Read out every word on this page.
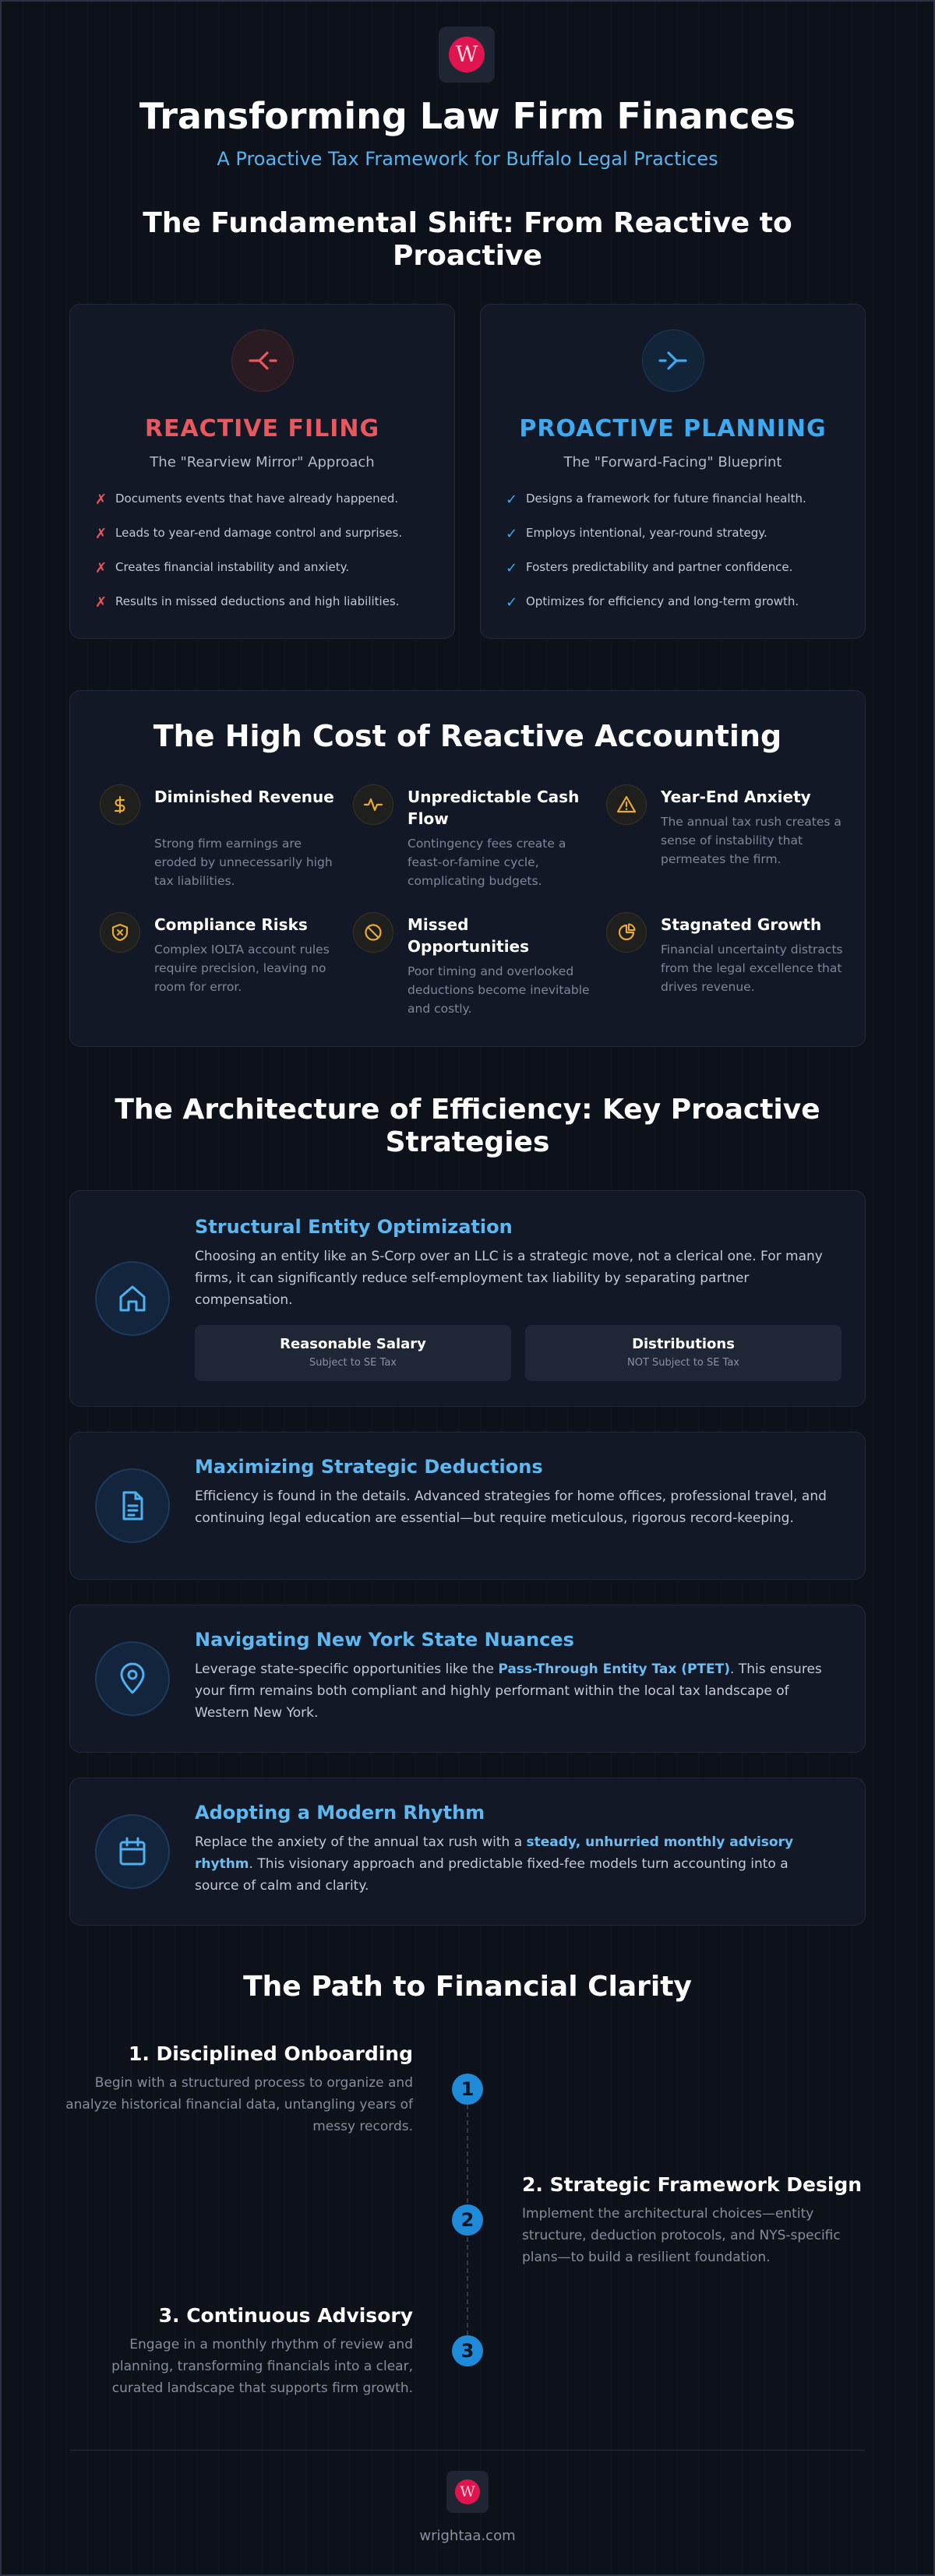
W
Transforming Law Firm Finances
A Proactive Tax Framework for Buffalo Legal Practices
The Fundamental Shift: From Reactive to Proactive
REACTIVE FILING
The "Rearview Mirror" Approach
✗ Documents events that have already happened.
✗ Leads to year-end damage control and surprises.
✗ Creates financial instability and anxiety.
✗ Results in missed deductions and high liabilities.
PROACTIVE PLANNING
The "Forward-Facing" Blueprint
✓ Designs a framework for future financial health.
✓ Employs intentional, year-round strategy.
✓ Fosters predictability and partner confidence.
✓ Optimizes for efficiency and long-term growth.
The High Cost of Reactive Accounting
Diminished Revenue
Strong firm earnings are eroded by unnecessarily high tax liabilities.
Unpredictable Cash Flow
Contingency fees create a feast-or-famine cycle, complicating budgets.
Year-End Anxiety
The annual tax rush creates a sense of instability that permeates the firm.
Compliance Risks
Complex IOLTA account rules require precision, leaving no room for error.
Missed Opportunities
Poor timing and overlooked deductions become inevitable and costly.
Stagnated Growth
Financial uncertainty distracts from the legal excellence that drives revenue.
The Architecture of Efficiency: Key Proactive Strategies
Structural Entity Optimization
Choosing an entity like an S-Corp over an LLC is a strategic move, not a clerical one. For many firms, it can significantly reduce self-employment tax liability by separating partner compensation.
Reasonable Salary
Subject to SE Tax
Distributions
NOT Subject to SE Tax
Maximizing Strategic Deductions
Efficiency is found in the details. Advanced strategies for home offices, professional travel, and continuing legal education are essential—but require meticulous, rigorous record-keeping.
Navigating New York State Nuances
Leverage state-specific opportunities like the Pass-Through Entity Tax (PTET). This ensures your firm remains both compliant and highly performant within the local tax landscape of Western New York.
Adopting a Modern Rhythm
Replace the anxiety of the annual tax rush with a steady, unhurried monthly advisory rhythm. This visionary approach and predictable fixed-fee models turn accounting into a source of calm and clarity.
The Path to Financial Clarity
1
1. Disciplined Onboarding
Begin with a structured process to organize and analyze historical financial data, untangling years of messy records.
2
2. Strategic Framework Design
Implement the architectural choices—entity structure, deduction protocols, and NYS-specific plans—to build a resilient foundation.
3
3. Continuous Advisory
Engage in a monthly rhythm of review and planning, transforming financials into a clear, curated landscape that supports firm growth.
W
wrightaa.com
